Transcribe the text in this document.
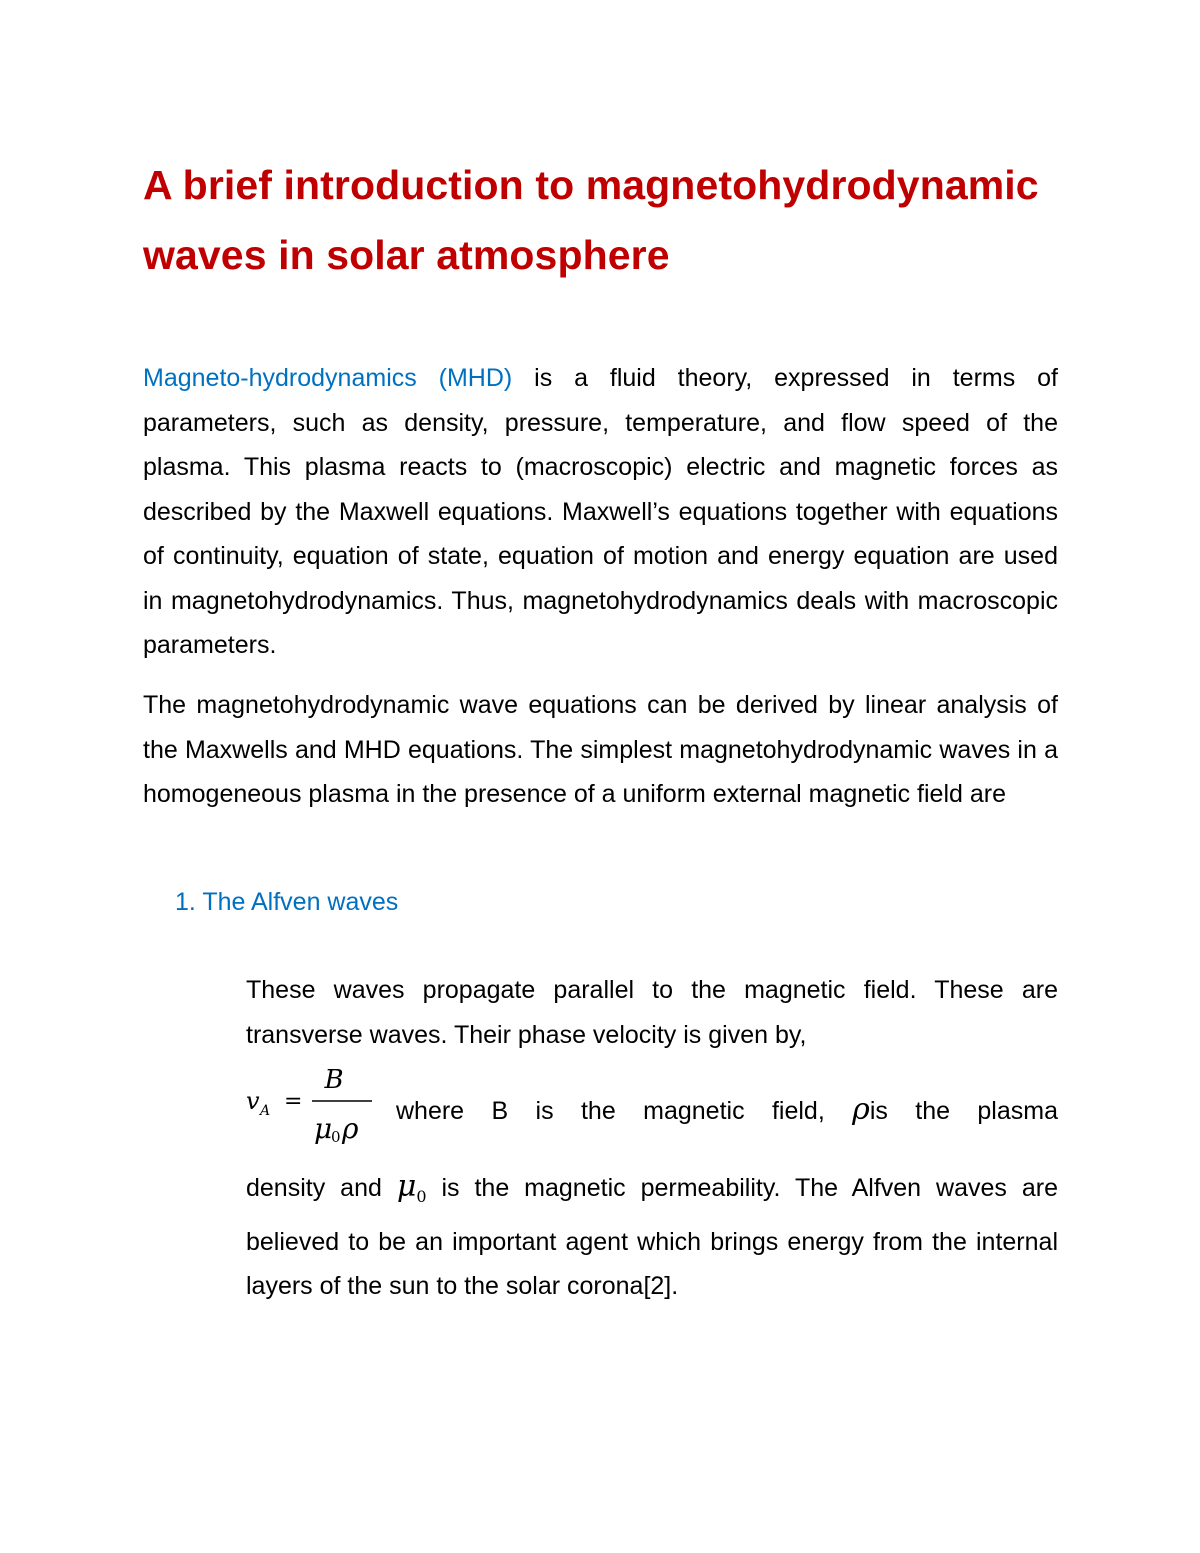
A brief introduction to magnetohydrodynamic waves in solar atmosphere

Magneto-hydrodynamics (MHD) is a fluid theory, expressed in terms of parameters, such as density, pressure, temperature, and flow speed of the plasma. This plasma reacts to (macroscopic) electric and magnetic forces as described by the Maxwell equations. Maxwell’s equations together with equations of continuity, equation of state, equation of motion and energy equation are used in magnetohydrodynamics. Thus, magnetohydrodynamics deals with macroscopic parameters.

The magnetohydrodynamic wave equations can be derived by linear analysis of the Maxwells and MHD equations. The simplest magnetohydrodynamic waves in a homogeneous plasma in the presence of a uniform external magnetic field are

1. The Alfven waves

These waves propagate parallel to the magnetic field. These are transverse waves. Their phase velocity is given by,

v A =
B
μ
0 ρ
where B is the magnetic field, ρis the plasma

density and $\mu_0$ is the magnetic permeability. The Alfven waves are believed to be an important agent which brings energy from the internal layers of the sun to the solar corona[2].
